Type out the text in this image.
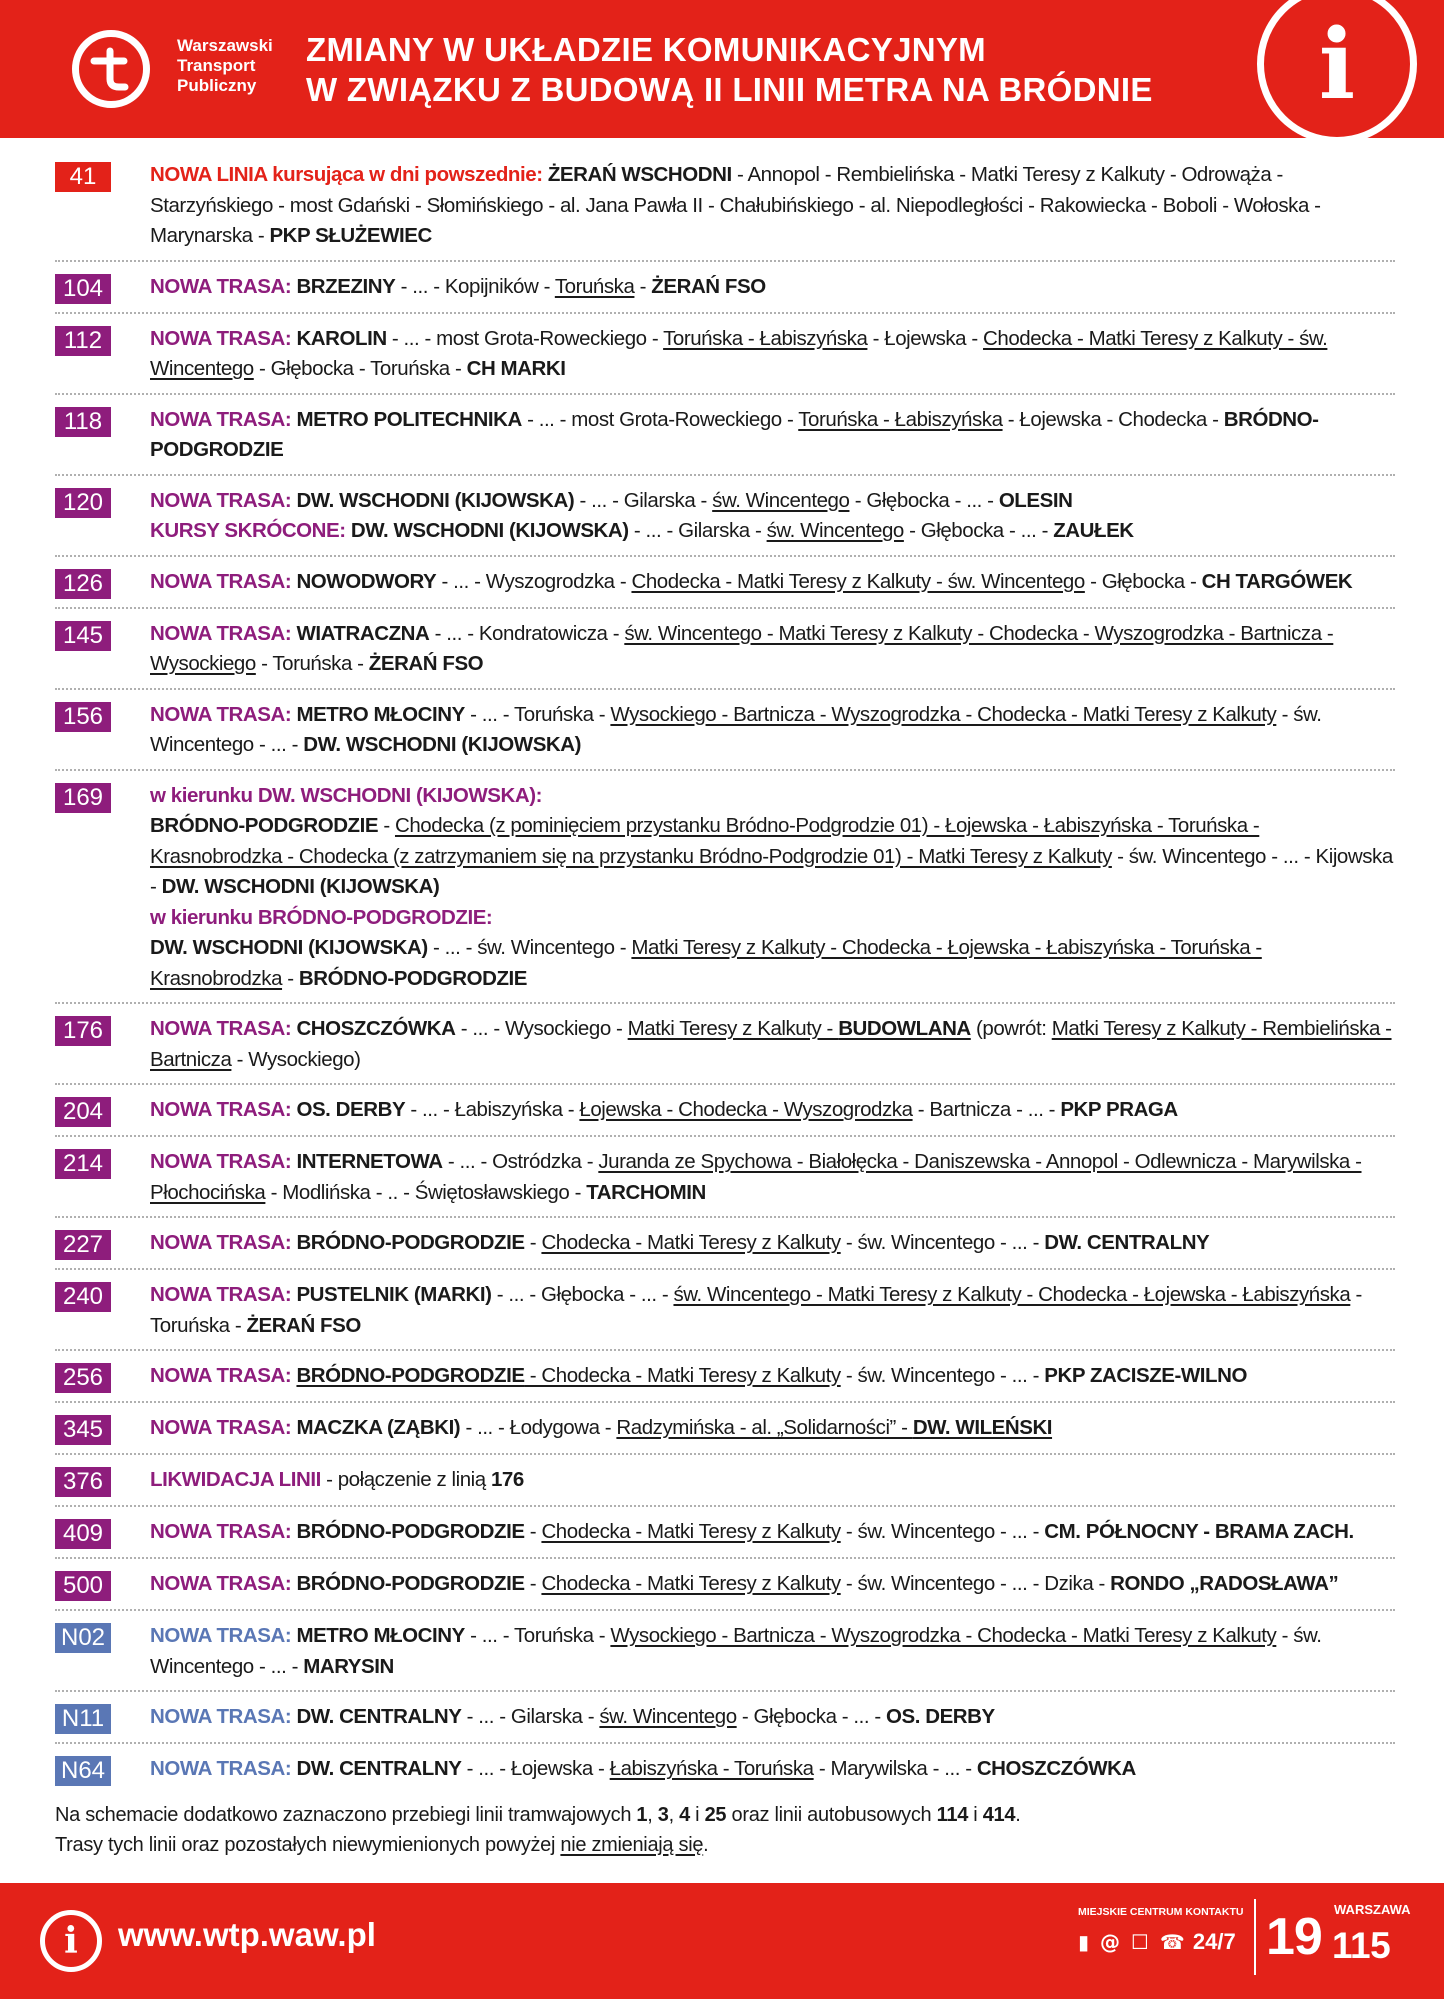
Warszawski
Transport
Publiczny
ZMIANY W UKŁADZIE KOMUNIKACYJNYM
W ZWIĄZKU Z BUDOWĄ II LINII METRA NA BRÓDNIE	i
41	NOWA LINIA kursująca w dni powszednie: ŻERAŃ WSCHODNI - Annopol - Rembielińska - Matki Teresy z Kalkuty - Odrowąża - Starzyńskiego - most Gdański - Słomińskiego - al. Jana Pawła II - Chałubińskiego - al. Niepodległości - Rakowiecka - Boboli - Wołoska - Marynarska - PKP SŁUŻEWIEC
104	NOWA TRASA: BRZEZINY - ... - Kopijników - Toruńska - ŻERAŃ FSO
112	NOWA TRASA: KAROLIN - ... - most Grota-Roweckiego - Toruńska - Łabiszyńska - Łojewska - Chodecka - Matki Teresy z Kalkuty - św. Wincentego - Głębocka - Toruńska - CH MARKI
118	NOWA TRASA: METRO POLITECHNIKA - ... - most Grota-Roweckiego - Toruńska - Łabiszyńska - Łojewska - Chodecka - BRÓDNO-PODGRODZIE
120	NOWA TRASA: DW. WSCHODNI (KIJOWSKA) - ... - Gilarska - św. Wincentego - Głębocka - ... - OLESIN
KURSY SKRÓCONE: DW. WSCHODNI (KIJOWSKA) - ... - Gilarska - św. Wincentego - Głębocka - ... - ZAUŁEK
126	NOWA TRASA: NOWODWORY - ... - Wyszogrodzka - Chodecka - Matki Teresy z Kalkuty - św. Wincentego - Głębocka - CH TARGÓWEK
145	NOWA TRASA: WIATRACZNA - ... - Kondratowicza - św. Wincentego - Matki Teresy z Kalkuty - Chodecka - Wyszogrodzka - Bartnicza - Wysockiego - Toruńska - ŻERAŃ FSO
156	NOWA TRASA: METRO MŁOCINY - ... - Toruńska - Wysockiego - Bartnicza - Wyszogrodzka - Chodecka - Matki Teresy z Kalkuty - św. Wincentego - ... - DW. WSCHODNI (KIJOWSKA)
169	w kierunku DW. WSCHODNI (KIJOWSKA):
BRÓDNO-PODGRODZIE - Chodecka (z pominięciem przystanku Bródno-Podgrodzie 01) - Łojewska - Łabiszyńska - Toruńska - Krasnobrodzka - Chodecka (z zatrzymaniem się na przystanku Bródno-Podgrodzie 01) - Matki Teresy z Kalkuty - św. Wincentego - ... - Kijowska - DW. WSCHODNI (KIJOWSKA)
w kierunku BRÓDNO-PODGRODZIE:
DW. WSCHODNI (KIJOWSKA) - ... - św. Wincentego - Matki Teresy z Kalkuty - Chodecka - Łojewska - Łabiszyńska - Toruńska - Krasnobrodzka - BRÓDNO-PODGRODZIE
176	NOWA TRASA: CHOSZCZÓWKA - ... - Wysockiego - Matki Teresy z Kalkuty - BUDOWLANA (powrót: Matki Teresy z Kalkuty - Rembielińska - Bartnicza - Wysockiego)
204	NOWA TRASA: OS. DERBY - ... - Łabiszyńska - Łojewska - Chodecka - Wyszogrodzka - Bartnicza - ... - PKP PRAGA
214	NOWA TRASA: INTERNETOWA - ... - Ostródzka - Juranda ze Spychowa - Białołęcka - Daniszewska - Annopol - Odlewnicza - Marywilska - Płochocińska - Modlińska - .. - Świętosławskiego - TARCHOMIN
227	NOWA TRASA: BRÓDNO-PODGRODZIE - Chodecka - Matki Teresy z Kalkuty - św. Wincentego - ... - DW. CENTRALNY
240	NOWA TRASA: PUSTELNIK (MARKI) - ... - Głębocka - ... - św. Wincentego - Matki Teresy z Kalkuty - Chodecka - Łojewska - Łabiszyńska - Toruńska - ŻERAŃ FSO
256	NOWA TRASA: BRÓDNO-PODGRODZIE - Chodecka - Matki Teresy z Kalkuty - św. Wincentego - ... - PKP ZACISZE-WILNO
345	NOWA TRASA: MACZKA (ZĄBKI) - ... - Łodygowa - Radzymińska - al. „Solidarności” - DW. WILEŃSKI
376	LIKWIDACJA LINII - połączenie z linią 176
409	NOWA TRASA: BRÓDNO-PODGRODZIE - Chodecka - Matki Teresy z Kalkuty - św. Wincentego - ... - CM. PÓŁNOCNY - BRAMA ZACH.
500	NOWA TRASA: BRÓDNO-PODGRODZIE - Chodecka - Matki Teresy z Kalkuty - św. Wincentego - ... - Dzika - RONDO „RADOSŁAWA”
N02 NOWA TRASA: METRO MŁOCINY - ... - Toruńska - Wysockiego - Bartnicza - Wyszogrodzka - Chodecka - Matki Teresy z Kalkuty - św. Wincentego - ... - MARYSIN
N11	NOWA TRASA: DW. CENTRALNY - ... - Gilarska - św. Wincentego - Głębocka - ... - OS. DERBY
N64 NOWA TRASA: DW. CENTRALNY - ... - Łojewska - Łabiszyńska - Toruńska - Marywilska - ... - CHOSZCZÓWKA
Na schemacie dodatkowo zaznaczono przebiegi linii tramwajowych 1, 3, 4 i 25 oraz linii autobusowych 114 i 414.
Trasy tych linii oraz pozostałych niewymienionych powyżej nie zmieniają się.
i	www.wtp.waw.pl
MIEJSKIE CENTRUM KONTAKTU
▮ @ ☐ ☎ 24/7
WARSZAWA
19 115
